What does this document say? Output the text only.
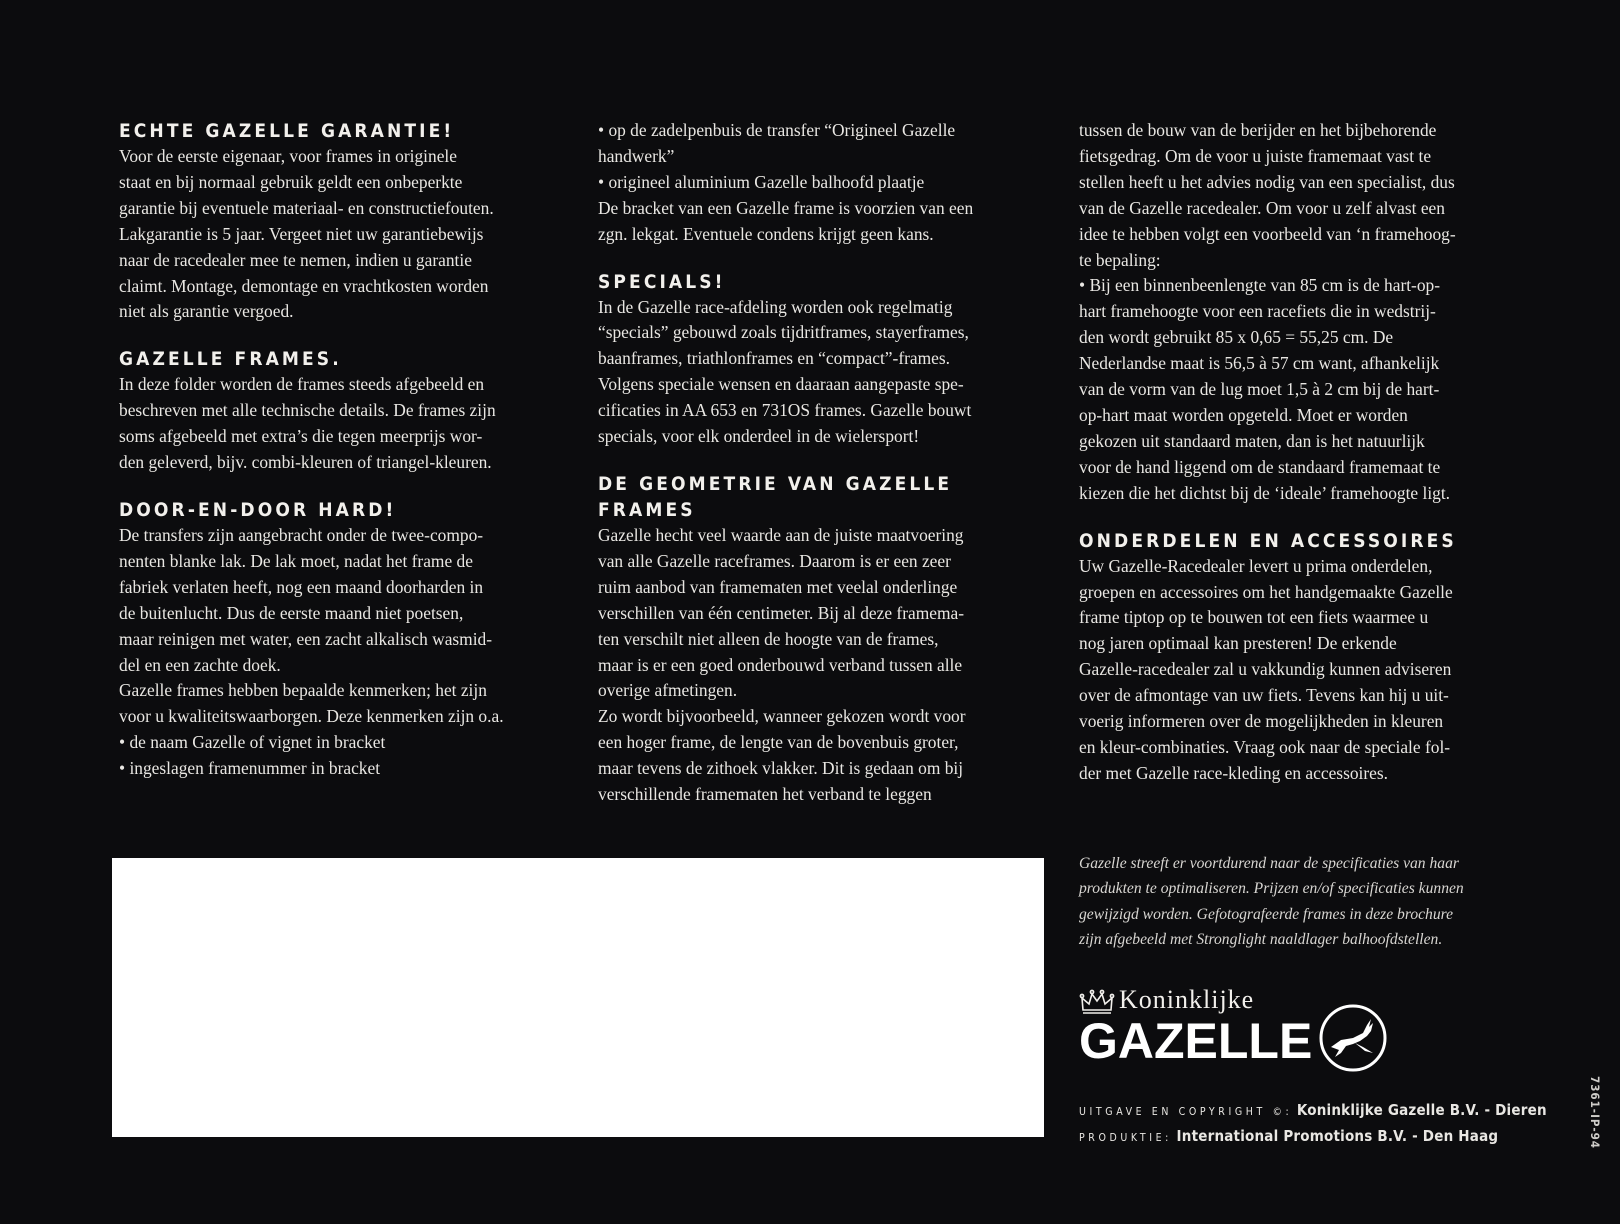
ECHTE GAZELLE GARANTIE!

Voor de eerste eigenaar, voor frames in originele

staat en bij normaal gebruik geldt een onbeperkte

garantie bij eventuele materiaal- en constructiefouten.

Lakgarantie is 5 jaar. Vergeet niet uw garantiebewijs

naar de racedealer mee te nemen, indien u garantie

claimt. Montage, demontage en vrachtkosten worden

niet als garantie vergoed.

GAZELLE FRAMES.

In deze folder worden de frames steeds afgebeeld en

beschreven met alle technische details. De frames zijn

soms afgebeeld met extra’s die tegen meerprijs wor-

den geleverd, bijv. combi-kleuren of triangel-kleuren.

DOOR-EN-DOOR HARD!

De transfers zijn aangebracht onder de twee-compo-

nenten blanke lak. De lak moet, nadat het frame de

fabriek verlaten heeft, nog een maand doorharden in

de buitenlucht. Dus de eerste maand niet poetsen,

maar reinigen met water, een zacht alkalisch wasmid-

del en een zachte doek.

Gazelle frames hebben bepaalde kenmerken; het zijn

voor u kwaliteitswaarborgen. Deze kenmerken zijn o.a.

• de naam Gazelle of vignet in bracket

• ingeslagen framenummer in bracket

• op de zadelpenbuis de transfer “Origineel Gazelle

handwerk”

• origineel aluminium Gazelle balhoofd plaatje

De bracket van een Gazelle frame is voorzien van een

zgn. lekgat. Eventuele condens krijgt geen kans.

SPECIALS!

In de Gazelle race-afdeling worden ook regelmatig

“specials” gebouwd zoals tijdritframes, stayerframes,

baanframes, triathlonframes en “compact”-frames.

Volgens speciale wensen en daaraan aangepaste spe-

cificaties in AA 653 en 731OS frames. Gazelle bouwt

specials, voor elk onderdeel in de wielersport!

DE GEOMETRIE VAN GAZELLE FRAMES

Gazelle hecht veel waarde aan de juiste maatvoering

van alle Gazelle raceframes. Daarom is er een zeer

ruim aanbod van framematen met veelal onderlinge

verschillen van één centimeter. Bij al deze framema-

ten verschilt niet alleen de hoogte van de frames,

maar is er een goed onderbouwd verband tussen alle

overige afmetingen.

Zo wordt bijvoorbeeld, wanneer gekozen wordt voor

een hoger frame, de lengte van de bovenbuis groter,

maar tevens de zithoek vlakker. Dit is gedaan om bij

verschillende framematen het verband te leggen

tussen de bouw van de berijder en het bijbehorende

fietsgedrag. Om de voor u juiste framemaat vast te

stellen heeft u het advies nodig van een specialist, dus

van de Gazelle racedealer. Om voor u zelf alvast een

idee te hebben volgt een voorbeeld van ‘n framehoog-

te bepaling:

• Bij een binnenbeenlengte van 85 cm is de hart-op-

hart framehoogte voor een racefiets die in wedstrij-

den wordt gebruikt 85 x 0,65 = 55,25 cm. De

Nederlandse maat is 56,5 à 57 cm want, afhankelijk

van de vorm van de lug moet 1,5 à 2 cm bij de hart-

op-hart maat worden opgeteld. Moet er worden

gekozen uit standaard maten, dan is het natuurlijk

voor de hand liggend om de standaard framemaat te

kiezen die het dichtst bij de ‘ideale’ framehoogte ligt.

ONDERDELEN EN ACCESSOIRES

Uw Gazelle-Racedealer levert u prima onderdelen,

groepen en accessoires om het handgemaakte Gazelle

frame tiptop op te bouwen tot een fiets waarmee u

nog jaren optimaal kan presteren! De erkende

Gazelle-racedealer zal u vakkundig kunnen adviseren

over de afmontage van uw fiets. Tevens kan hij u uit-

voerig informeren over de mogelijkheden in kleuren

en kleur-combinaties. Vraag ook naar de speciale fol-

der met Gazelle race-kleding en accessoires.

Gazelle streeft er voortdurend naar de specificaties van haar

produkten te optimaliseren. Prijzen en/of specificaties kunnen

gewijzigd worden. Gefotografeerde frames in deze brochure

zijn afgebeeld met Stronglight naaldlager balhoofdstellen.

Koninklijke
GAZELLE
UITGAVE EN COPYRIGHT ©: Koninklijke Gazelle B.V. - Dieren
PRODUKTIE: International Promotions B.V. - Den Haag	7361-IP-94
